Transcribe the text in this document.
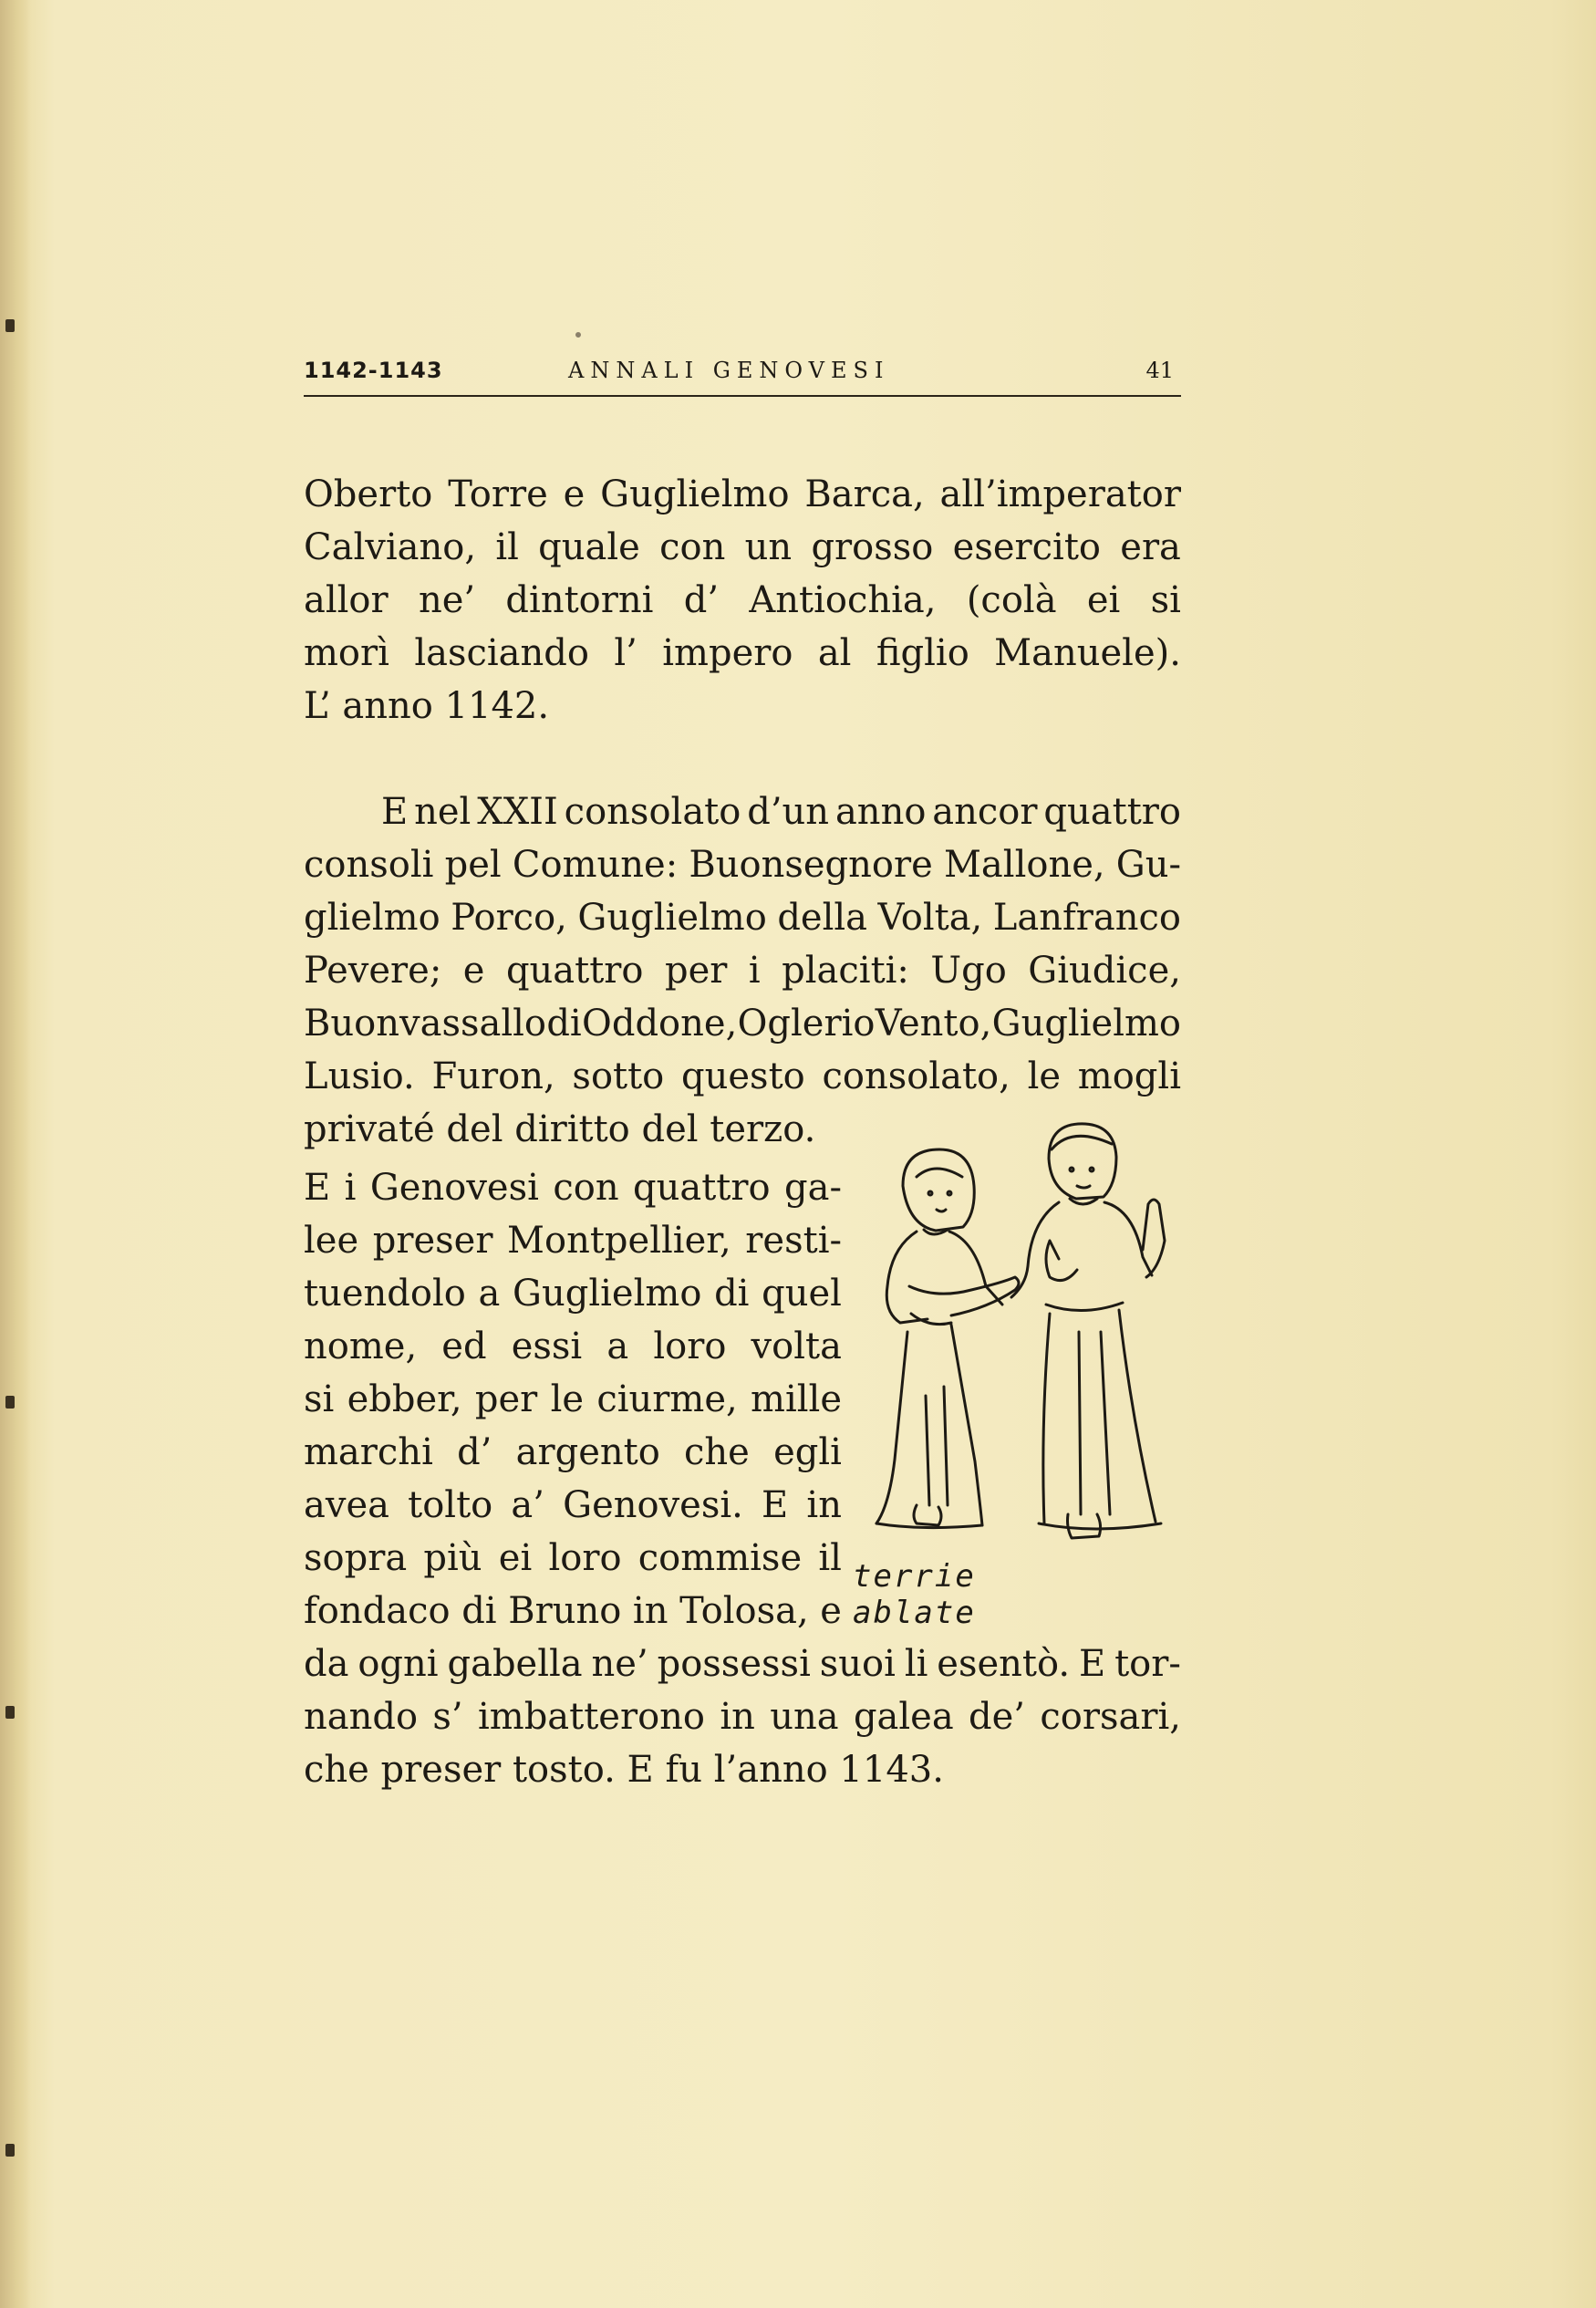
1142-1143	ANNALI GENOVESI	41
Oberto Torre e Guglielmo Barca, all’imperator
Calviano, il quale con un grosso esercito era
allor ne’ dintorni d’ Antiochia, (colà ei si
morì lasciando l’ impero al figlio Manuele).
L’ anno 1142.
E nel XXII consolato d’un anno ancor quattro
consoli pel Comune: Buonsegnore Mallone, Gu-
glielmo Porco, Guglielmo della Volta, Lanfranco
Pevere; e quattro per i placiti: Ugo Giudice,
Buonvassallo di Oddone, Oglerio Vento, Guglielmo
Lusio. Furon, sotto questo consolato, le mogli
privaté del diritto del terzo.
E i Genovesi con quattro ga-
lee preser Montpellier, resti-
tuendolo a Guglielmo di quel
nome, ed essi a loro volta
si ebber, per le ciurme, mille
marchi d’ argento che egli
avea tolto a’ Genovesi. E in
sopra più ei loro commise il
fondaco di Bruno in Tolosa, e
terrie ablate
da ogni gabella ne’ possessi suoi li esentò. E tor-
nando s’ imbatterono in una galea de’ corsari,
che preser tosto. E fu l’anno 1143.
